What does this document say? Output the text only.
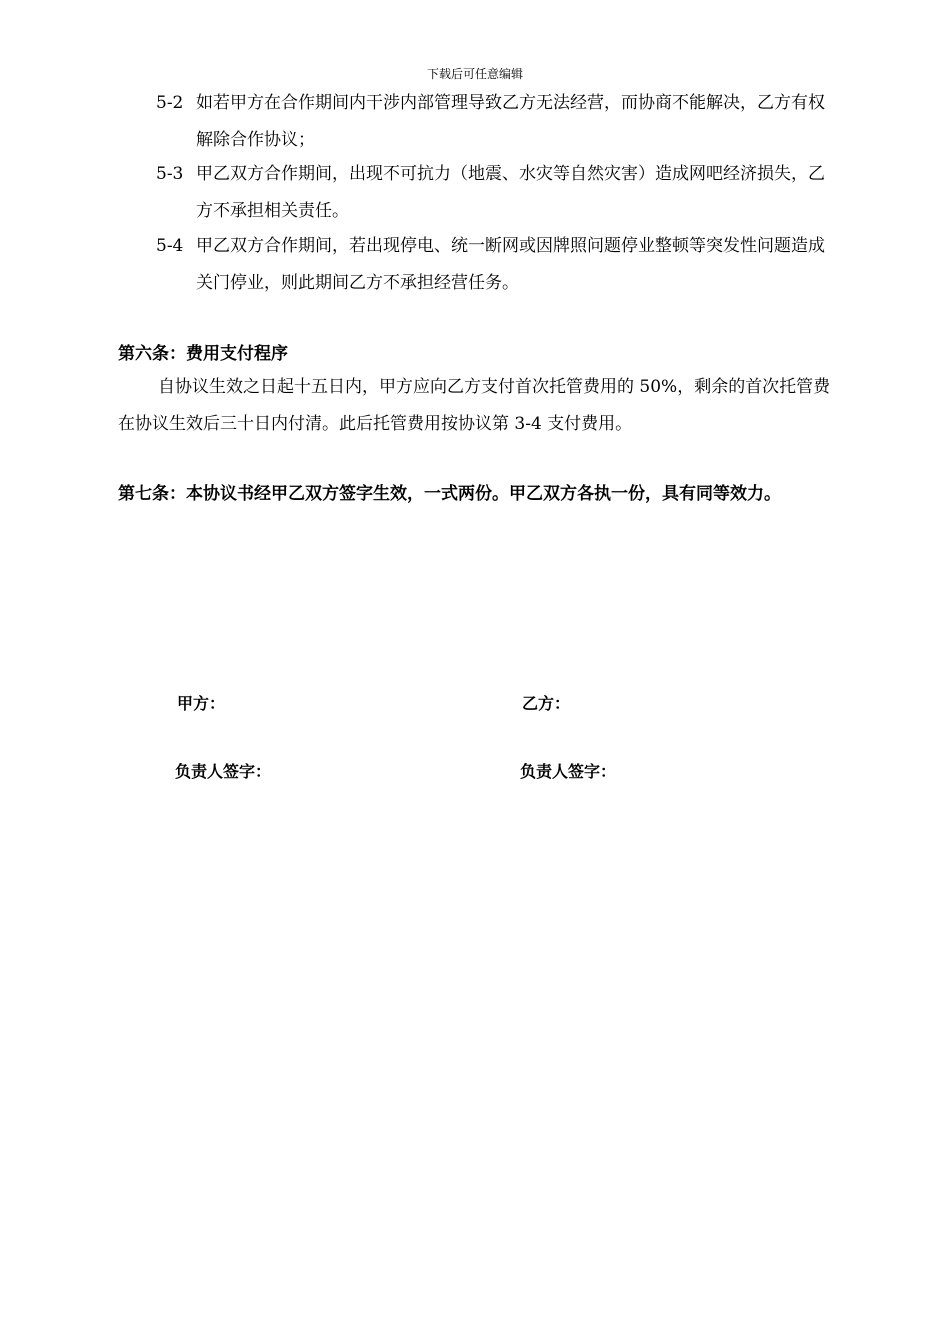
下载后可任意编辑
5-2 如若甲方在合作期间内干涉内部管理导致乙方无法经营，而协商不能解决，乙方有权解除合作协议；
5-3 甲乙双方合作期间，出现不可抗力（地震、水灾等自然灾害）造成网吧经济损失，乙方不承担相关责任。
5-4 甲乙双方合作期间，若出现停电、统一断网或因牌照问题停业整顿等突发性问题造成关门停业，则此期间乙方不承担经营任务。
第六条：费用支付程序
自协议生效之日起十五日内，甲方应向乙方支付首次托管费用的 50%，剩余的首次托管费在协议生效后三十日内付清。此后托管费用按协议第 3-4 支付费用。
第七条：本协议书经甲乙双方签字生效，一式两份。甲乙双方各执一份，具有同等效力。
甲方：	乙方：
负责人签字：	负责人签字：
